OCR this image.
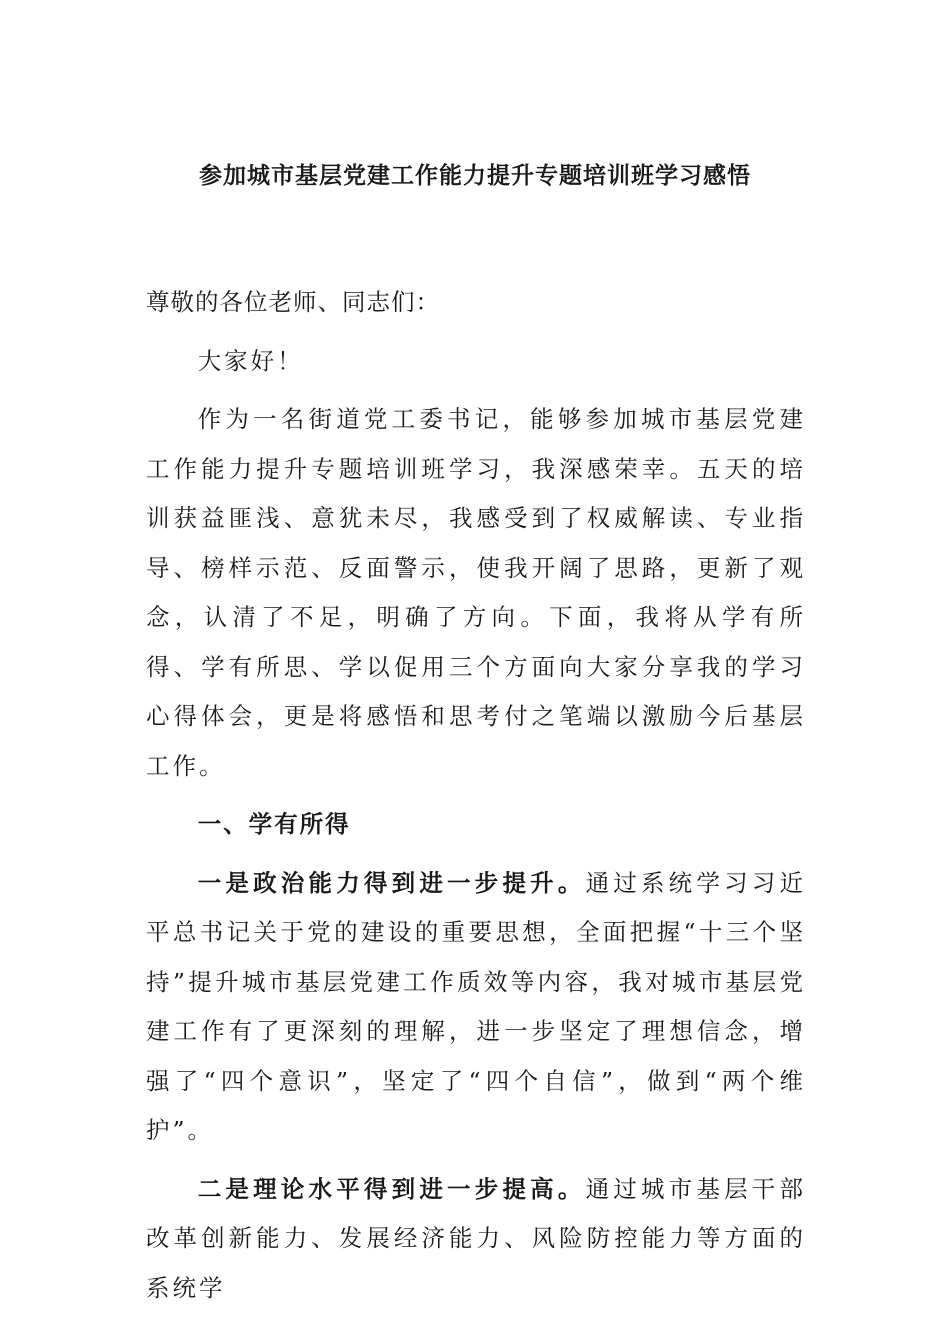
参加城市基层党建工作能力提升专题培训班学习感悟

尊敬的各位老师、同志们：

大家好！

作为一名街道党工委书记，能够参加城市基层党建工作能力提升专题培训班学习，我深感荣幸。五天的培训获益匪浅、意犹未尽，我感受到了权威解读、专业指导、榜样示范、反面警示，使我开阔了思路，更新了观念，认清了不足，明确了方向。下面，我将从学有所得、学有所思、学以促用三个方面向大家分享我的学习心得体会，更是将感悟和思考付之笔端以激励今后基层工作。

一、学有所得

一是政治能力得到进一步提升。通过系统学习习近平总书记关于党的建设的重要思想，全面把握“十三个坚持”提升城市基层党建工作质效等内容，我对城市基层党建工作有了更深刻的理解，进一步坚定了理想信念，增强了“四个意识”，坚定了“四个自信”，做到“两个维护”。

二是理论水平得到进一步提高。通过城市基层干部改革创新能力、发展经济能力、风险防控能力等方面的系统学
